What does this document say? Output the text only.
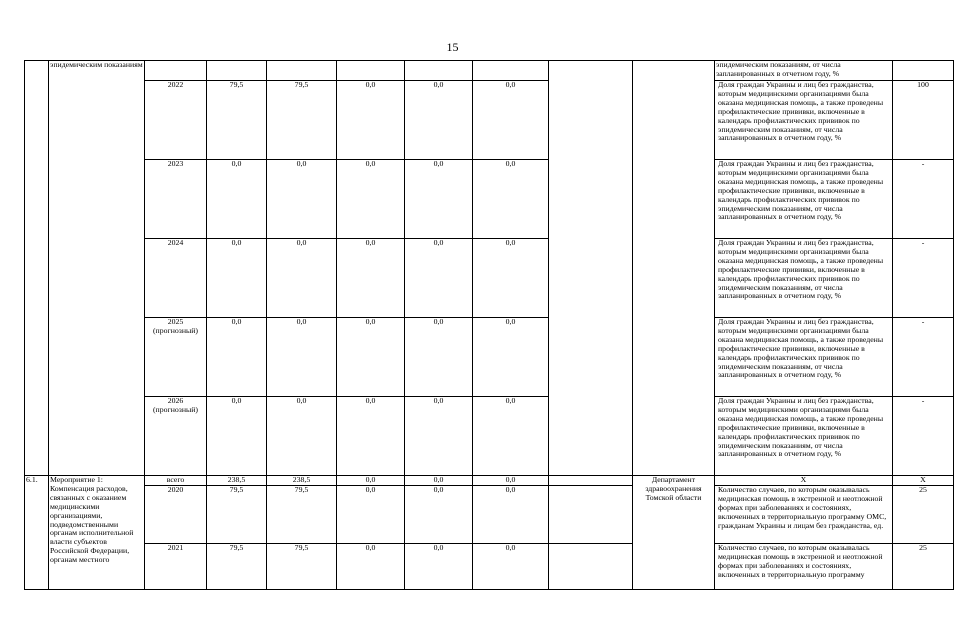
15
	эпидемическим показаниям									эпидемическим показаниям, от числа запланированных в отчетном году, %	
		2022	79,5	79,5	0,0	0,0	0,0			Доля граждан Украины и лиц без гражданства, которым медицинскими организациями была оказана медицинская помощь, а также проведены профилактические прививки, включенные в календарь профилактических прививок по эпидемическим показаниям, от числа запланированных в отчетном году, %	100
		2023	0,0	0,0	0,0	0,0	0,0			Доля граждан Украины и лиц без гражданства, которым медицинскими организациями была оказана медицинская помощь, а также проведены профилактические прививки, включенные в календарь профилактических прививок по эпидемическим показаниям, от числа запланированных в отчетном году, %	-
		2024	0,0	0,0	0,0	0,0	0,0			Доля граждан Украины и лиц без гражданства, которым медицинскими организациями была оказана медицинская помощь, а также проведены профилактические прививки, включенные в календарь профилактических прививок по эпидемическим показаниям, от числа запланированных в отчетном году, %	-
		2025 (прогнозный)	0,0	0,0	0,0	0,0	0,0			Доля граждан Украины и лиц без гражданства, которым медицинскими организациями была оказана медицинская помощь, а также проведены профилактические прививки, включенные в календарь профилактических прививок по эпидемическим показаниям, от числа запланированных в отчетном году, %	-
		2026 (прогнозный)	0,0	0,0	0,0	0,0	0,0			Доля граждан Украины и лиц без гражданства, которым медицинскими организациями была оказана медицинская помощь, а также проведены профилактические прививки, включенные в календарь профилактических прививок по эпидемическим показаниям, от числа запланированных в отчетном году, %	-
6.1.	Мероприятие 1: Компенсация расходов, связанных с оказанием медицинскими организациями, подведомственными органам исполнительной власти субъектов Российской Федерации, органам местного	всего	238,5	238,5	0,0	0,0	0,0		Департамент здравоохранения Томской области	Х	Х
		2020	79,5	79,5	0,0	0,0	0,0			Количество случаев, по которым оказывалась медицинская помощь в экстренной и неотложной формах при заболеваниях и состояниях, включенных в территориальную программу ОМС, гражданам Украины и лицам без гражданства, ед.	25
		2021	79,5	79,5	0,0	0,0	0,0			Количество случаев, по которым оказывалась медицинская помощь в экстренной и неотложной формах при заболеваниях и состояниях, включенных в территориальную программу	25
